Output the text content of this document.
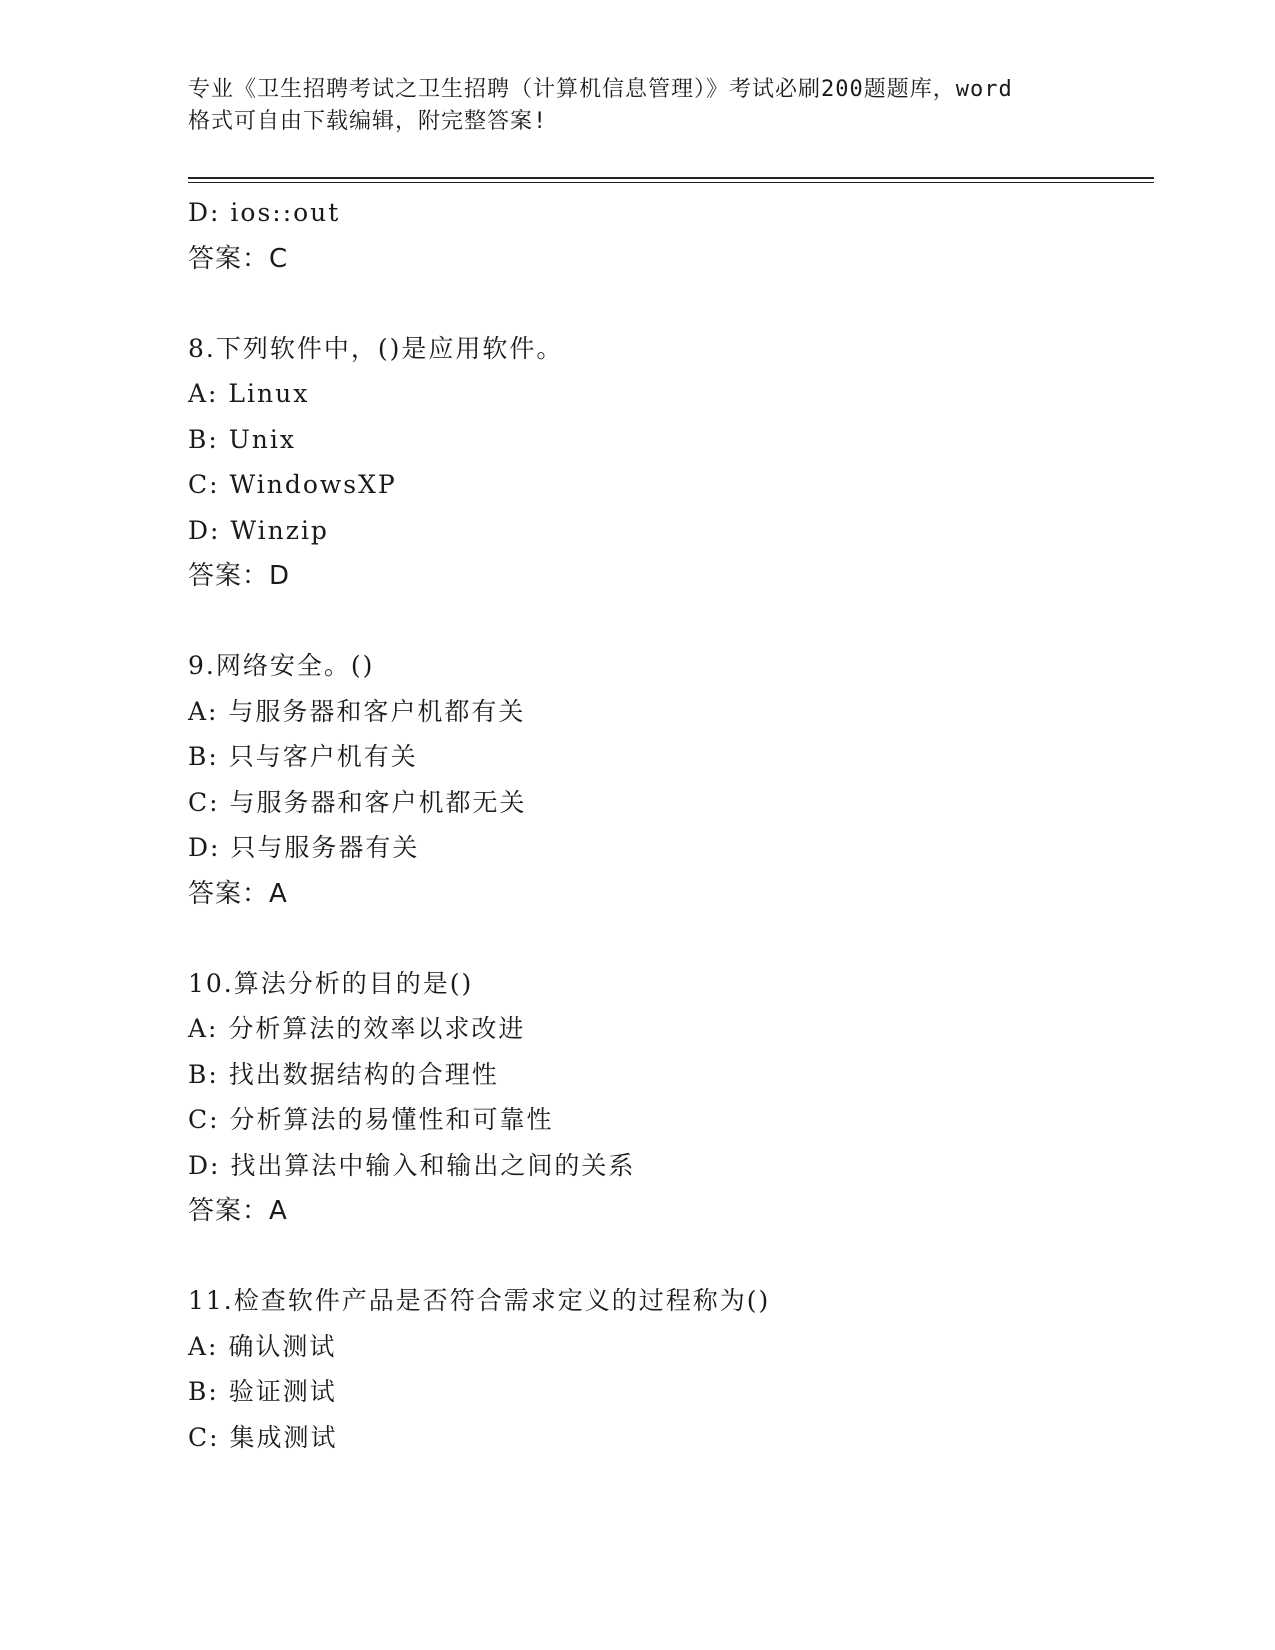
专业《卫生招聘考试之卫生招聘（计算机信息管理）》考试必刷200题题库，word
格式可自由下载编辑，附完整答案!
D: ios::out
答案：C
8.下列软件中，()是应用软件。
A: Linux
B: Unix
C: WindowsXP
D: Winzip
答案：D
9.网络安全。()
A: 与服务器和客户机都有关
B: 只与客户机有关
C: 与服务器和客户机都无关
D: 只与服务器有关
答案：A
10.算法分析的目的是()
A: 分析算法的效率以求改进
B: 找出数据结构的合理性
C: 分析算法的易懂性和可靠性
D: 找出算法中输入和输出之间的关系
答案：A
11.检查软件产品是否符合需求定义的过程称为()
A: 确认测试
B: 验证测试
C: 集成测试
